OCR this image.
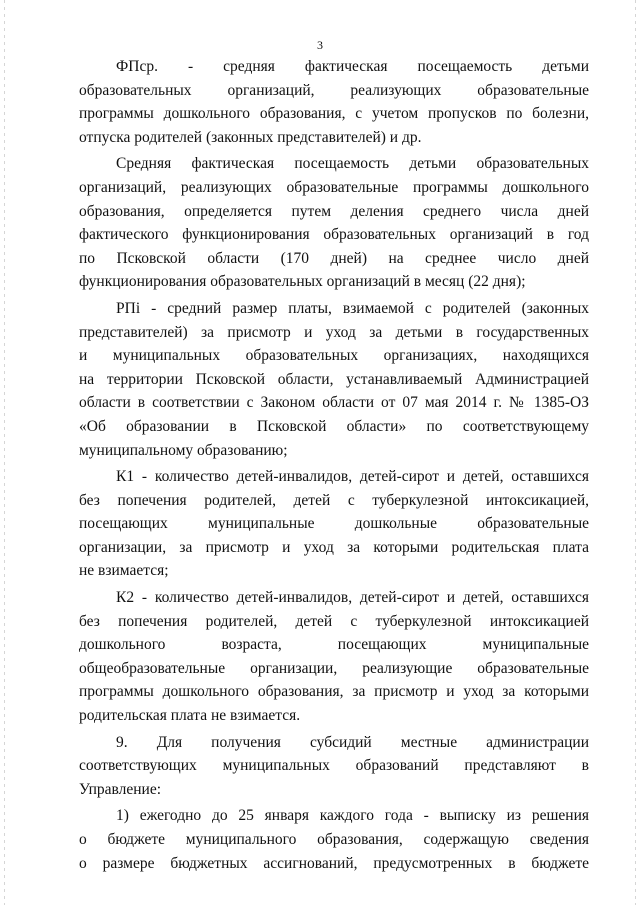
3
ФПср. - средняя фактическая посещаемость детьми
образовательных организаций, реализующих образовательные
программы дошкольного образования, с учетом пропусков по болезни,
отпуска родителей (законных представителей) и др.
Средняя фактическая посещаемость детьми образовательных
организаций, реализующих образовательные программы дошкольного
образования, определяется путем деления среднего числа дней
фактического функционирования образовательных организаций в год
по Псковской области (170 дней) на среднее число дней
функционирования образовательных организаций в месяц (22 дня);
РПi - средний размер платы, взимаемой с родителей (законных
представителей) за присмотр и уход за детьми в государственных
и муниципальных образовательных организациях, находящихся
на территории Псковской области, устанавливаемый Администрацией
области в соответствии с Законом области от 07 мая 2014 г. № 1385-ОЗ
«Об образовании в Псковской области» по соответствующему
муниципальному образованию;
К1 - количество детей-инвалидов, детей-сирот и детей, оставшихся
без попечения родителей, детей с туберкулезной интоксикацией,
посещающих муниципальные дошкольные образовательные
организации, за присмотр и уход за которыми родительская плата
не взимается;
К2 - количество детей-инвалидов, детей-сирот и детей, оставшихся
без попечения родителей, детей с туберкулезной интоксикацией
дошкольного возраста, посещающих муниципальные
общеобразовательные организации, реализующие образовательные
программы дошкольного образования, за присмотр и уход за которыми
родительская плата не взимается.
9. Для получения субсидий местные администрации
соответствующих муниципальных образований представляют в
Управление:
1) ежегодно до 25 января каждого года - выписку из решения
о бюджете муниципального образования, содержащую сведения
о размере бюджетных ассигнований, предусмотренных в бюджете
